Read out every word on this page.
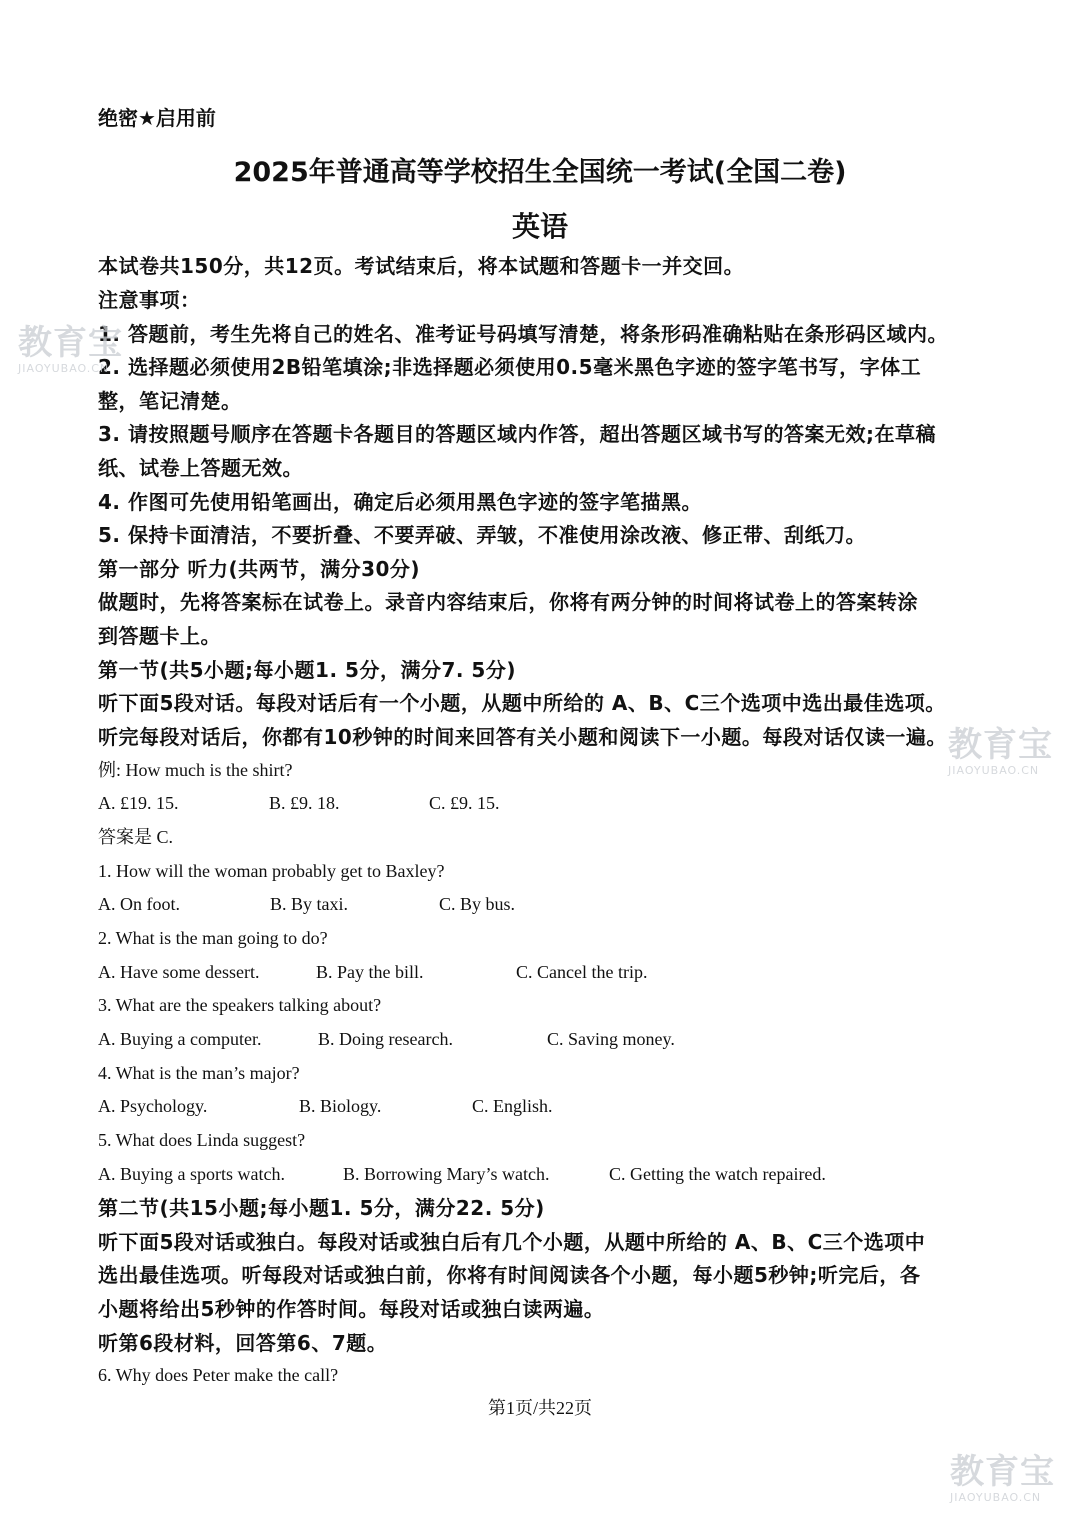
绝密★启用前
2025年普通高等学校招生全国统一考试(全国二卷)
英语
本试卷共150分，共12页。考试结束后，将本试题和答题卡一并交回。
注意事项：
1. 答题前，考生先将自己的姓名、准考证号码填写清楚，将条形码准确粘贴在条形码区域内。
2. 选择题必须使用2B铅笔填涂;非选择题必须使用0.5毫米黑色字迹的签字笔书写，字体工
整，笔记清楚。
3. 请按照题号顺序在答题卡各题目的答题区域内作答，超出答题区域书写的答案无效;在草稿
纸、试卷上答题无效。
4. 作图可先使用铅笔画出，确定后必须用黑色字迹的签字笔描黑。
5. 保持卡面清洁，不要折叠、不要弄破、弄皱，不准使用涂改液、修正带、刮纸刀。
第一部分 听力(共两节，满分30分)
做题时，先将答案标在试卷上。录音内容结束后，你将有两分钟的时间将试卷上的答案转涂
到答题卡上。
第一节(共5小题;每小题1. 5分，满分7. 5分)
听下面5段对话。每段对话后有一个小题，从题中所给的 A、B、C三个选项中选出最佳选项。
听完每段对话后，你都有10秒钟的时间来回答有关小题和阅读下一小题。每段对话仅读一遍。
例: How much is the shirt?
A. £19. 15.	B. £9. 18.	C. £9. 15.
答案是 C.
1. How will the woman probably get to Baxley?
A. On foot.	B. By taxi.	C. By bus.
2. What is the man going to do?
A. Have some dessert.	B. Pay the bill.	C. Cancel the trip.
3. What are the speakers talking about?
A. Buying a computer.	B. Doing research.	C. Saving money.
4. What is the man’s major?
A. Psychology.	B. Biology.	C. English.
5. What does Linda suggest?
A. Buying a sports watch.	B. Borrowing Mary’s watch.	C. Getting the watch repaired.
第二节(共15小题;每小题1. 5分，满分22. 5分)
听下面5段对话或独白。每段对话或独白后有几个小题，从题中所给的 A、B、C三个选项中
选出最佳选项。听每段对话或独白前，你将有时间阅读各个小题，每小题5秒钟;听完后，各
小题将给出5秒钟的作答时间。每段对话或独白读两遍。
听第6段材料，回答第6、7题。
6. Why does Peter make the call?
第1页/共22页
教育宝
JIAOYUBAO.CN
教育宝
JIAOYUBAO.CN
教育宝
JIAOYUBAO.CN
